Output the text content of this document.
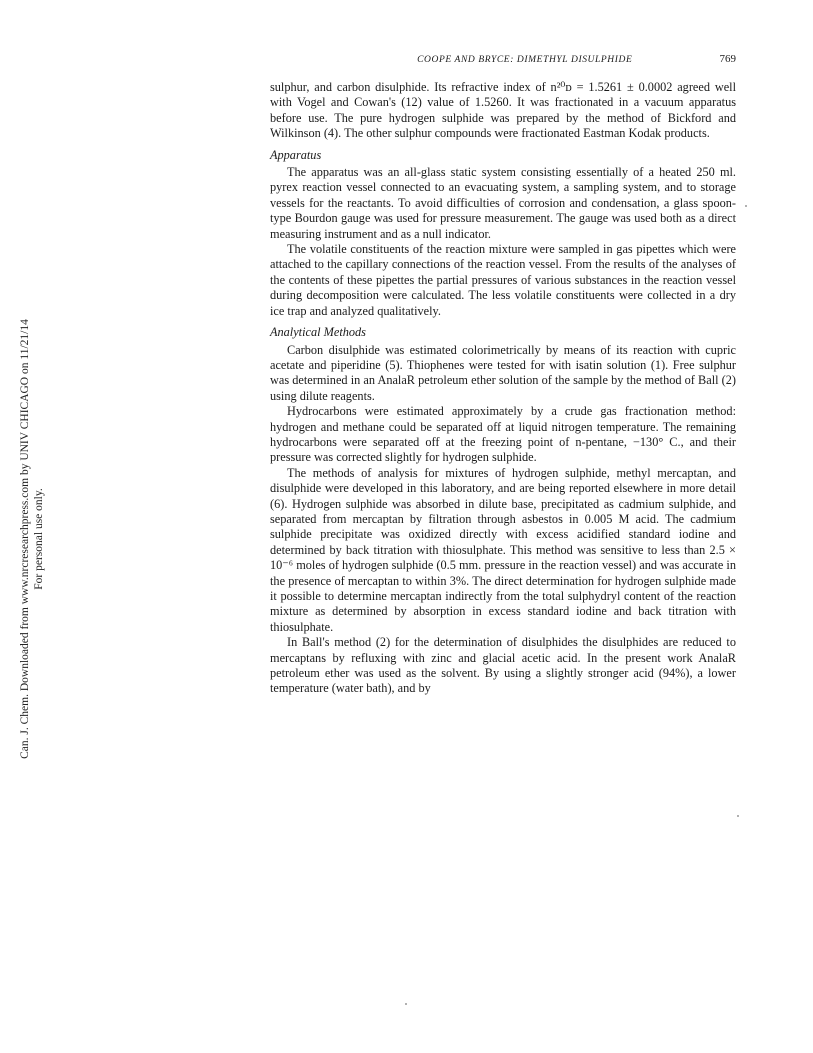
COOPE AND BRYCE: DIMETHYL DISULPHIDE	769
Can. J. Chem. Downloaded from www.nrcresearchpress.com by UNIV CHICAGO on 11/21/14 For personal use only.

sulphur, and carbon disulphide. Its refractive index of n²⁰ᴅ = 1.5261 ± 0.0002 agreed well with Vogel and Cowan's (12) value of 1.5260. It was fractionated in a vacuum apparatus before use. The pure hydrogen sulphide was prepared by the method of Bickford and Wilkinson (4). The other sulphur compounds were fractionated Eastman Kodak products.

Apparatus

The apparatus was an all-glass static system consisting essentially of a heated 250 ml. pyrex reaction vessel connected to an evacuating system, a sampling system, and to storage vessels for the reactants. To avoid difficulties of corrosion and condensation, a glass spoon-type Bourdon gauge was used for pressure measurement. The gauge was used both as a direct measuring instrument and as a null indicator.

The volatile constituents of the reaction mixture were sampled in gas pipettes which were attached to the capillary connections of the reaction vessel. From the results of the analyses of the contents of these pipettes the partial pressures of various substances in the reaction vessel during decomposition were calculated. The less volatile constituents were collected in a dry ice trap and analyzed qualitatively.

Analytical Methods

Carbon disulphide was estimated colorimetrically by means of its reaction with cupric acetate and piperidine (5). Thiophenes were tested for with isatin solution (1). Free sulphur was determined in an AnalaR petroleum ether solution of the sample by the method of Ball (2) using dilute reagents.

Hydrocarbons were estimated approximately by a crude gas fractionation method: hydrogen and methane could be separated off at liquid nitrogen temperature. The remaining hydrocarbons were separated off at the freezing point of n-pentane, −130° C., and their pressure was corrected slightly for hydrogen sulphide.

The methods of analysis for mixtures of hydrogen sulphide, methyl mercaptan, and disulphide were developed in this laboratory, and are being reported elsewhere in more detail (6). Hydrogen sulphide was absorbed in dilute base, precipitated as cadmium sulphide, and separated from mercaptan by filtration through asbestos in 0.005 M acid. The cadmium sulphide precipitate was oxidized directly with excess acidified standard iodine and determined by back titration with thiosulphate. This method was sensitive to less than 2.5 × 10⁻⁶ moles of hydrogen sulphide (0.5 mm. pressure in the reaction vessel) and was accurate in the presence of mercaptan to within 3%. The direct determination for hydrogen sulphide made it possible to determine mercaptan indirectly from the total sulphydryl content of the reaction mixture as determined by absorption in excess standard iodine and back titration with thiosulphate.

In Ball's method (2) for the determination of disulphides the disulphides are reduced to mercaptans by refluxing with zinc and glacial acetic acid. In the present work AnalaR petroleum ether was used as the solvent. By using a slightly stronger acid (94%), a lower temperature (water bath), and by
